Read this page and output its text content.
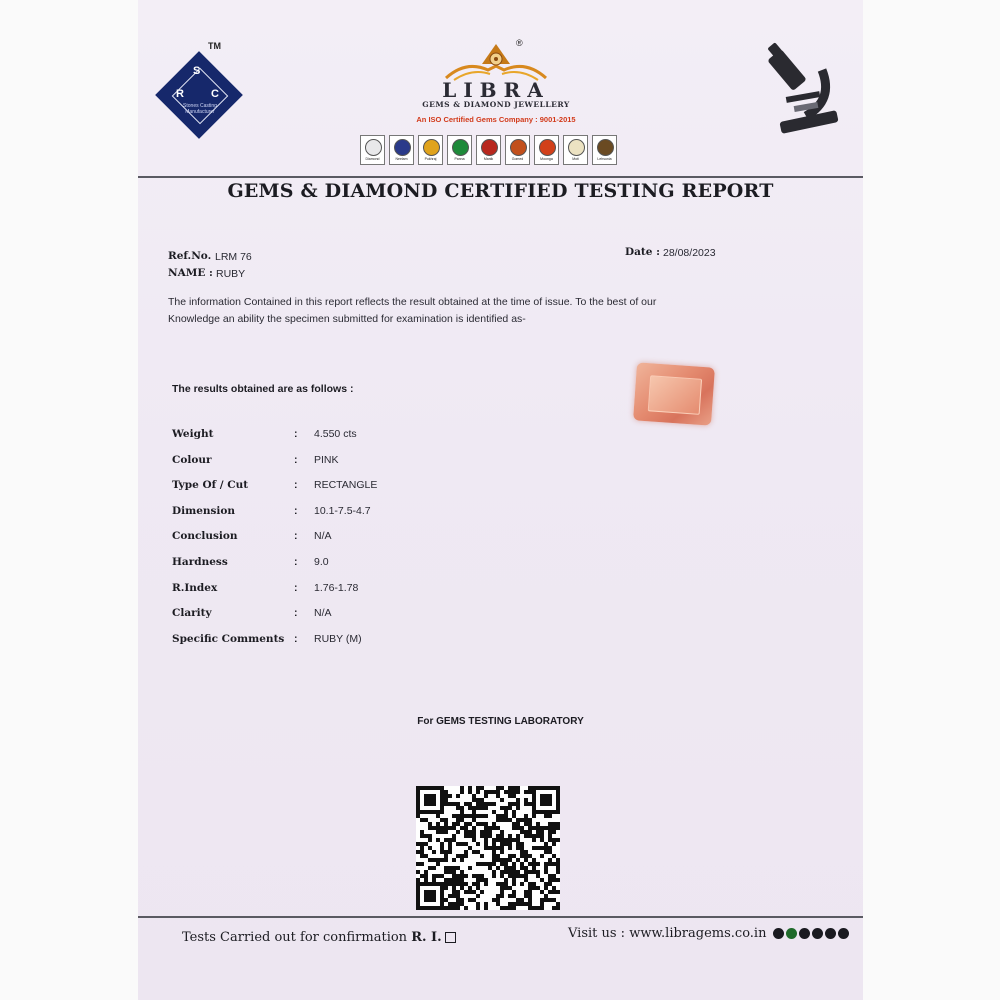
S
R C
Stones Casting Manufacturer
TM	®
LIBRA
GEMS & DIAMOND JEWELLERY
An ISO Certified Gems Company : 9001-2015
Diamond	Neelam	Pukhraj	Panna	Manik	Gomed	Moonga	Moti	Lehsunia
GEMS & DIAMOND CERTIFIED TESTING REPORT
Ref.No. LRM 76
NAME : RUBY
Date : 28/08/2023
The information Contained in this report reflects the result obtained at the time of issue. To the best of our
Knowledge an ability the specimen submitted for examination is identified as-
The results obtained are as follows :
Weight	: 4.550 cts
Colour	: PINK
Type Of / Cut	: RECTANGLE
Dimension	: 10.1-7.5-4.7
Conclusion	: N/A
Hardness	: 9.0
R.Index	: 1.76-1.78
Clarity	: N/A
Specific Comments : RUBY (M)
For GEMS TESTING LABORATORY
Tests Carried out for confirmation R. I.	Visit us : www.libragems.co.in
